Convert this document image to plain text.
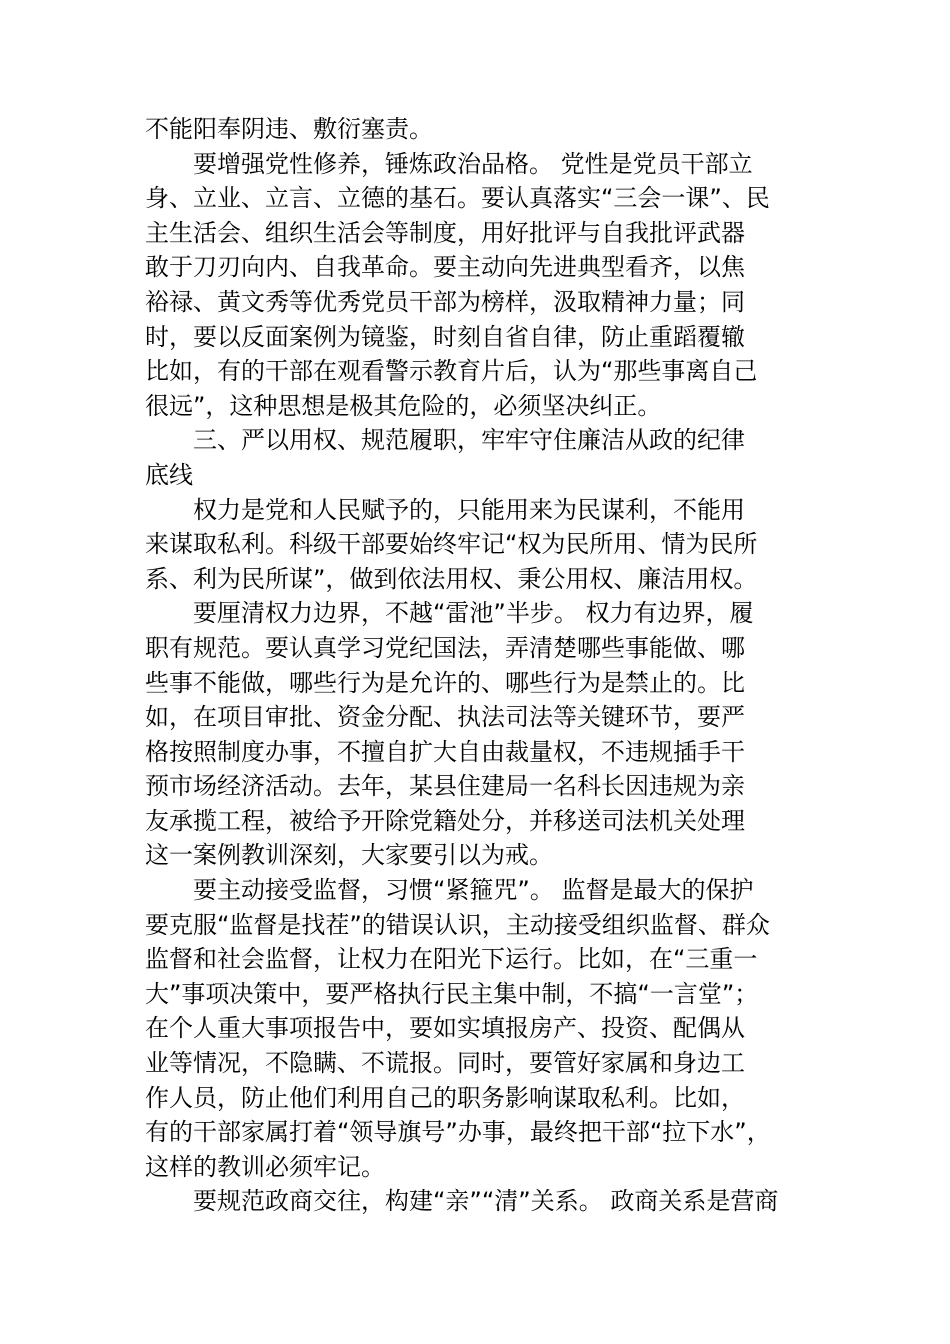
不能阳奉阴违、敷衍塞责。
要增强党性修养，锤炼政治品格。 党性是党员干部立
身、立业、立言、立德的基石。要认真落实“三会一课”、民
主生活会、组织生活会等制度，用好批评与自我批评武器
敢于刀刃向内、自我革命。要主动向先进典型看齐，以焦
裕禄、黄文秀等优秀党员干部为榜样，汲取精神力量；同
时，要以反面案例为镜鉴，时刻自省自律，防止重蹈覆辙
比如，有的干部在观看警示教育片后，认为“那些事离自己
很远”，这种思想是极其危险的，必须坚决纠正。
三、严以用权、规范履职，牢牢守住廉洁从政的纪律
底线
权力是党和人民赋予的，只能用来为民谋利，不能用
来谋取私利。科级干部要始终牢记“权为民所用、情为民所
系、利为民所谋”，做到依法用权、秉公用权、廉洁用权。
要厘清权力边界，不越“雷池”半步。 权力有边界，履
职有规范。要认真学习党纪国法，弄清楚哪些事能做、哪
些事不能做，哪些行为是允许的、哪些行为是禁止的。比
如，在项目审批、资金分配、执法司法等关键环节，要严
格按照制度办事，不擅自扩大自由裁量权，不违规插手干
预市场经济活动。去年，某县住建局一名科长因违规为亲
友承揽工程，被给予开除党籍处分，并移送司法机关处理
这一案例教训深刻，大家要引以为戒。
要主动接受监督，习惯“紧箍咒”。 监督是最大的保护
要克服“监督是找茬”的错误认识，主动接受组织监督、群众
监督和社会监督，让权力在阳光下运行。比如，在“三重一
大”事项决策中，要严格执行民主集中制，不搞“一言堂”；
在个人重大事项报告中，要如实填报房产、投资、配偶从
业等情况，不隐瞒、不谎报。同时，要管好家属和身边工
作人员，防止他们利用自己的职务影响谋取私利。比如，
有的干部家属打着“领导旗号”办事，最终把干部“拉下水”，
这样的教训必须牢记。
要规范政商交往，构建“亲”“清”关系。 政商关系是营商
